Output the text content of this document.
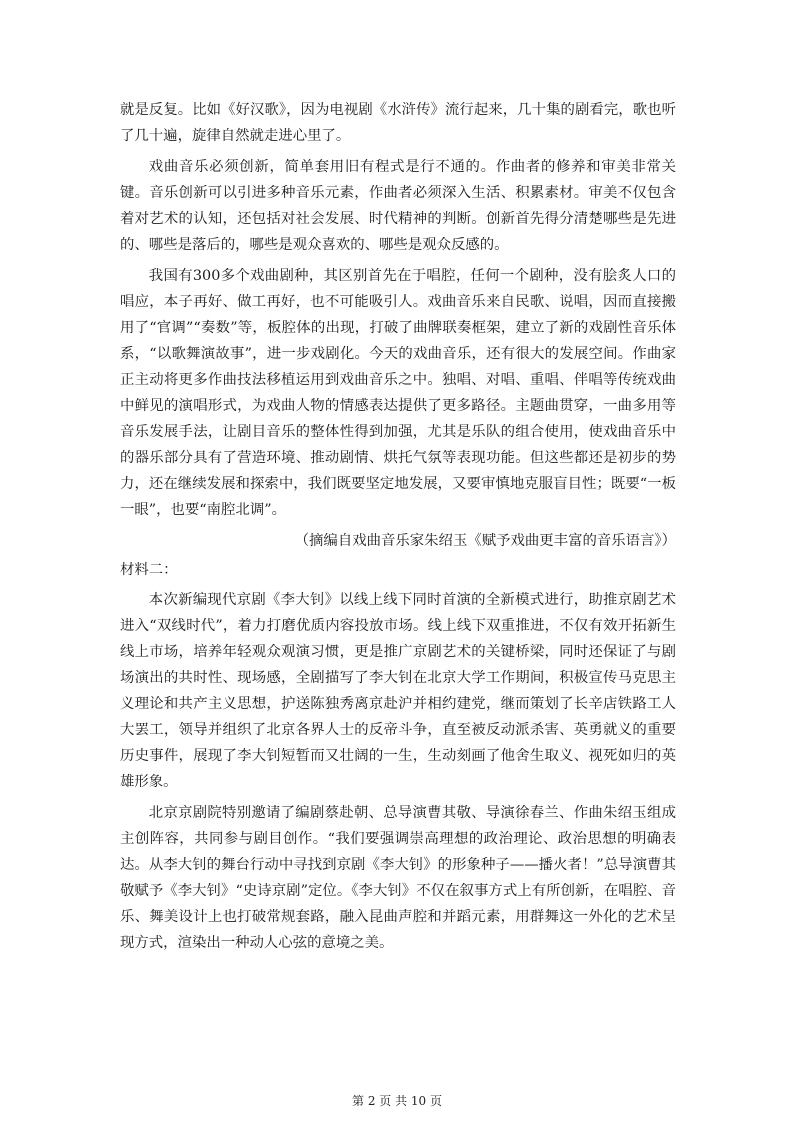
就是反复。比如《好汉歌》，因为电视剧《水浒传》流行起来，几十集的剧看完，歌也听了几十遍，旋律自然就走进心里了。

戏曲音乐必须创新，简单套用旧有程式是行不通的。作曲者的修养和审美非常关键。音乐创新可以引进多种音乐元素，作曲者必须深入生活、积累素材。审美不仅包含着对艺术的认知，还包括对社会发展、时代精神的判断。创新首先得分清楚哪些是先进的、哪些是落后的，哪些是观众喜欢的、哪些是观众反感的。

我国有300多个戏曲剧种，其区别首先在于唱腔，任何一个剧种，没有脍炙人口的唱应，本子再好、做工再好，也不可能吸引人。戏曲音乐来自民歌、说唱，因而直接搬用了“官调”“奏数”等，板腔体的出现，打破了曲牌联奏框架，建立了新的戏剧性音乐体系，“以歌舞演故事”，进一步戏剧化。今天的戏曲音乐，还有很大的发展空间。作曲家正主动将更多作曲技法移植运用到戏曲音乐之中。独唱、对唱、重唱、伴唱等传统戏曲中鲜见的演唱形式，为戏曲人物的情感表达提供了更多路径。主题曲贯穿，一曲多用等音乐发展手法，让剧目音乐的整体性得到加强，尤其是乐队的组合使用，使戏曲音乐中的器乐部分具有了营造环境、推动剧情、烘托气氛等表现功能。但这些都还是初步的势力，还在继续发展和探索中，我们既要坚定地发展，又要审慎地克服盲目性；既要“一板一眼”，也要“南腔北调”。

（摘编自戏曲音乐家朱绍玉《赋予戏曲更丰富的音乐语言》）

材料二：

本次新编现代京剧《李大钊》以线上线下同时首演的全新模式进行，助推京剧艺术进入“双线时代”，着力打磨优质内容投放市场。线上线下双重推进，不仅有效开拓新生线上市场，培养年轻观众观演习惯，更是推广京剧艺术的关键桥梁，同时还保证了与剧场演出的共时性、现场感，全剧描写了李大钊在北京大学工作期间，积极宣传马克思主义理论和共产主义思想，护送陈独秀离京赴沪并相约建党，继而策划了长辛店铁路工人大罢工，领导并组织了北京各界人士的反帝斗争，直至被反动派杀害、英勇就义的重要历史事件，展现了李大钊短暂而又壮阔的一生，生动刻画了他舍生取义、视死如归的英雄形象。

北京京剧院特别邀请了编剧蔡赴朝、总导演曹其敬、导演徐春兰、作曲朱绍玉组成主创阵容，共同参与剧目创作。“我们要强调崇高理想的政治理论、政治思想的明确表达。从李大钊的舞台行动中寻找到京剧《李大钊》的形象种子——播火者！”总导演曹其敬赋予《李大钊》“史诗京剧”定位。《李大钊》不仅在叙事方式上有所创新，在唱腔、音乐、舞美设计上也打破常规套路，融入昆曲声腔和并蹈元素，用群舞这一外化的艺术呈现方式，渲染出一种动人心弦的意境之美。

第 2 页 共 10 页
